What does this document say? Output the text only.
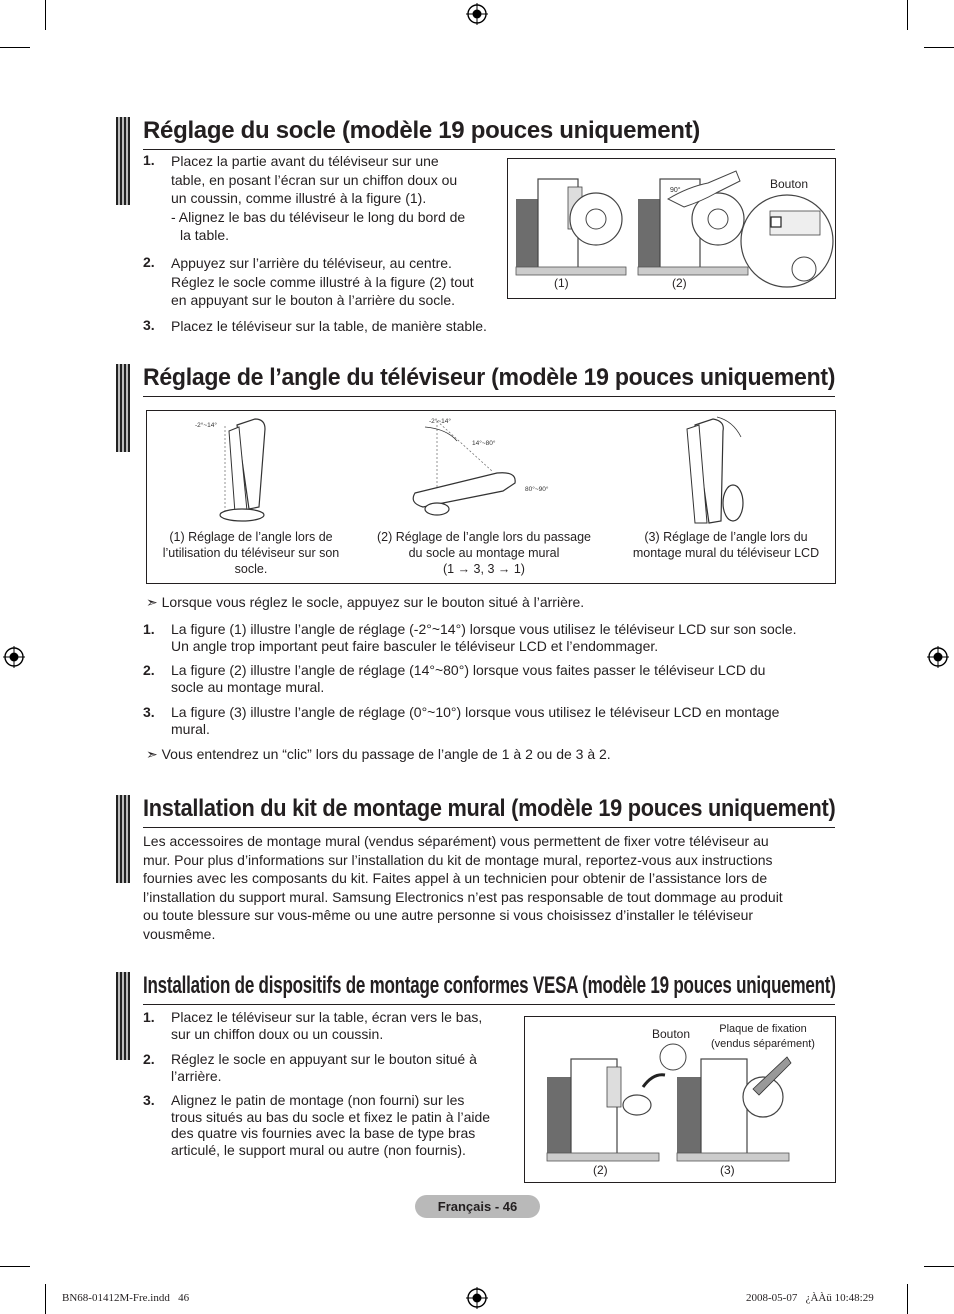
Réglage du socle (modèle 19 pouces uniquement)
1. Placez la partie avant du téléviseur sur une
table, en posant l’écran sur un chiffon doux ou
un coussin, comme illustré à la figure (1).
- Alignez le bas du téléviseur le long du bord de
la table.
2. Appuyez sur l’arrière du téléviseur, au centre.
Réglez le socle comme illustré à la figure (2) tout
en appuyant sur le bouton à l’arrière du socle.
3. Placez le téléviseur sur la table, de manière stable.
90°	Bouton
(1)	(2)
Réglage de l’angle du téléviseur (modèle 19 pouces uniquement)
-2°~14°
-2°~14°
14°~80°
80°~90°
(1) Réglage de l’angle lors de
l’utilisation du téléviseur sur son
socle.
(2) Réglage de l’angle lors du passage
du socle au montage mural
(1 → 3, 3 → 1)
(3) Réglage de l’angle lors du
montage mural du téléviseur LCD
➣ Lorsque vous réglez le socle, appuyez sur le bouton situé à l’arrière.
1. La figure (1) illustre l’angle de réglage (-2°~14°) lorsque vous utilisez le téléviseur LCD sur son socle.
Un angle trop important peut faire basculer le téléviseur LCD et l’endommager.
2. La figure (2) illustre l’angle de réglage (14°~80°) lorsque vous faites passer le téléviseur LCD du
socle au montage mural.
3. La figure (3) illustre l’angle de réglage (0°~10°) lorsque vous utilisez le téléviseur LCD en montage
mural.
➣ Vous entendrez un “clic” lors du passage de l’angle de 1 à 2 ou de 3 à 2.
Installation du kit de montage mural (modèle 19 pouces uniquement)
Les accessoires de montage mural (vendus séparément) vous permettent de fixer votre téléviseur au
mur. Pour plus d’informations sur l’installation du kit de montage mural, reportez-vous aux instructions
fournies avec les composants du kit. Faites appel à un technicien pour obtenir de l’assistance lors de
l’installation du support mural. Samsung Electronics n’est pas responsable de tout dommage au produit
ou toute blessure sur vous-même ou une autre personne si vous choisissez d’installer le téléviseur
vousmême.
Installation de dispositifs de montage conformes VESA (modèle 19 pouces uniquement)
1. Placez le téléviseur sur la table, écran vers le bas,
sur un chiffon doux ou un coussin.
2. Réglez le socle en appuyant sur le bouton situé à
l’arrière.
3. Alignez le patin de montage (non fourni) sur les
trous situés au bas du socle et fixez le patin à l’aide
des quatre vis fournies avec la base de type bras
articulé, le support mural ou autre (non fournis).
Bouton	Plaque de fixation
(vendus séparément)
(2)	(3)
Français - 46
BN68-01412M-Fre.indd   46	2008-05-07   ¿ÀÀü 10:48:29
